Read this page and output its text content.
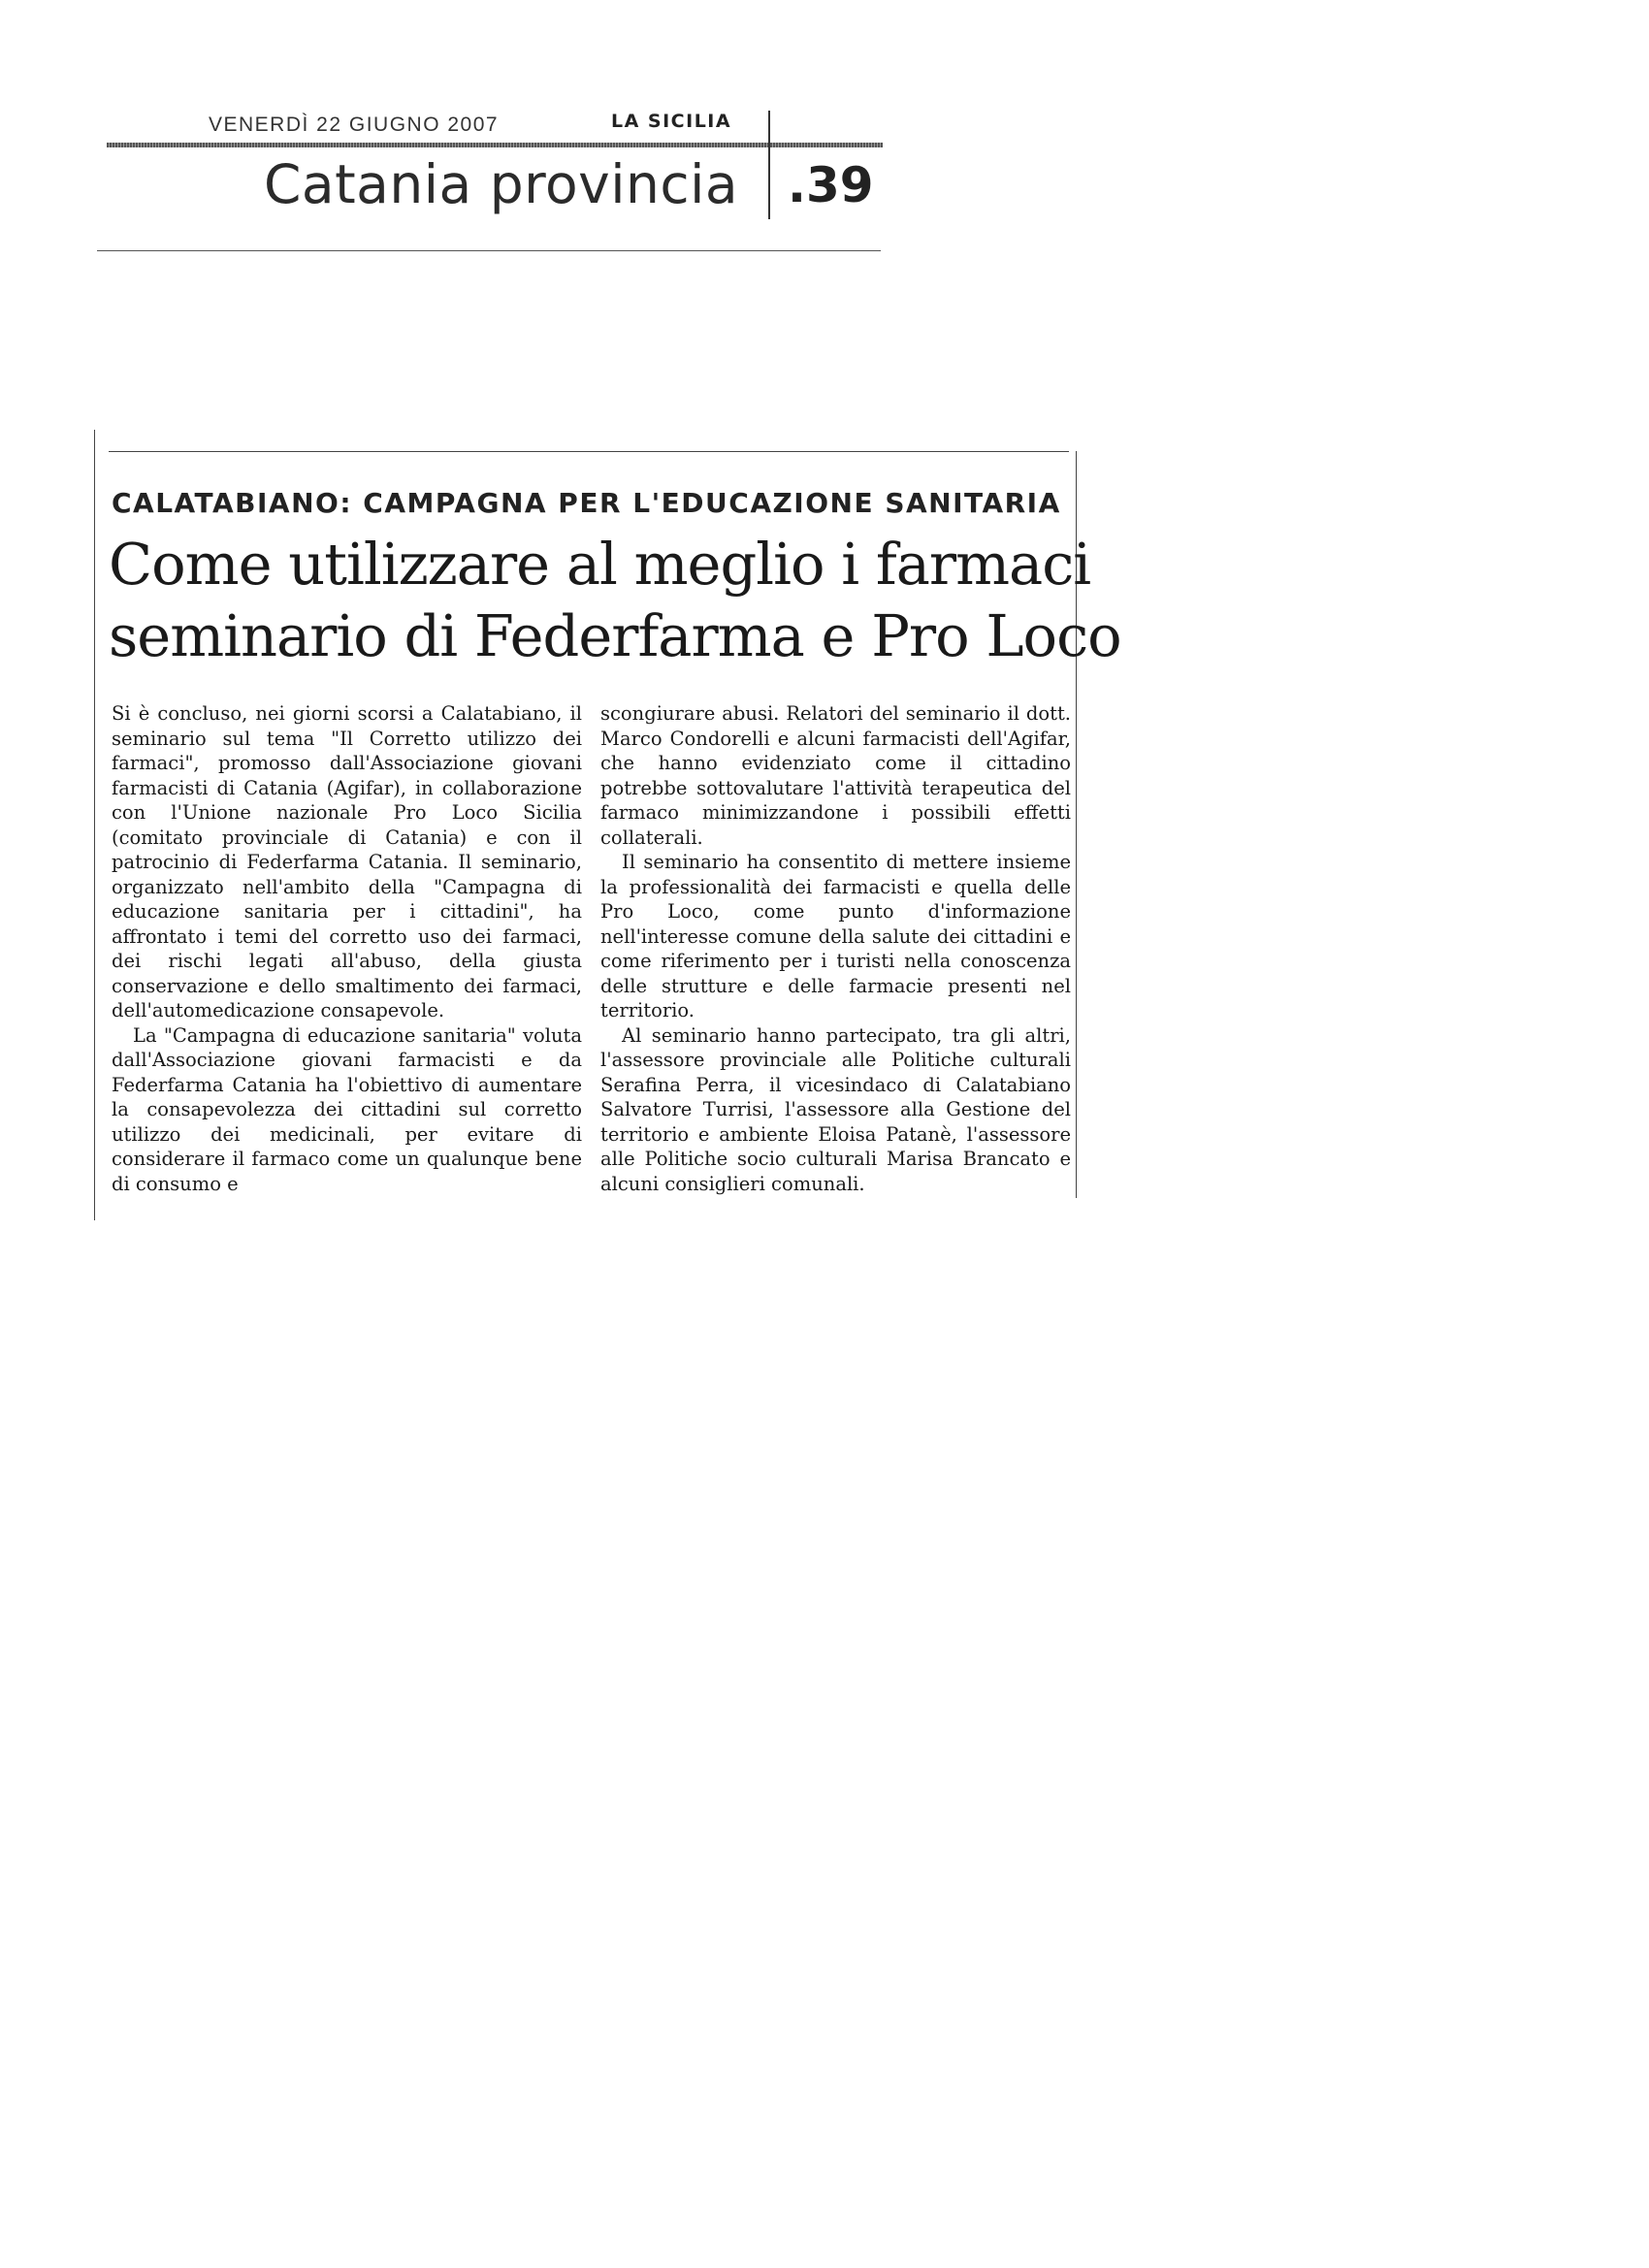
VENERDÌ 22 GIUGNO 2007	LA SICILIA
Catania provincia .39
CALATABIANO: CAMPAGNA PER L'EDUCAZIONE SANITARIA
Come utilizzare al meglio i farmaci
seminario di Federfarma e Pro Loco

Si è concluso, nei giorni scorsi a Calatabiano, il seminario sul tema "Il Corretto utilizzo dei farmaci", promosso dall'Associazione giovani farmacisti di Catania (Agifar), in collaborazione con l'Unione nazionale Pro Loco Sicilia (comitato provinciale di Catania) e con il patrocinio di Federfarma Catania. Il seminario, organizzato nell'ambito della "Campagna di educazione sanitaria per i cittadini", ha affrontato i temi del corretto uso dei farmaci, dei rischi legati all'abuso, della giusta conservazione e dello smaltimento dei farmaci, dell'automedicazione consapevole.

La "Campagna di educazione sanitaria" voluta dall'Associazione giovani farmacisti e da Federfarma Catania ha l'obiettivo di aumentare la consapevolezza dei cittadini sul corretto utilizzo dei medicinali, per evitare di considerare il farmaco come un qualunque bene di consumo e

scongiurare abusi. Relatori del seminario il dott. Marco Condorelli e alcuni farmacisti dell'Agifar, che hanno evidenziato come il cittadino potrebbe sottovalutare l'attività terapeutica del farmaco minimizzandone i possibili effetti collaterali.

Il seminario ha consentito di mettere insieme la professionalità dei farmacisti e quella delle Pro Loco, come punto d'informazione nell'interesse comune della salute dei cittadini e come riferimento per i turisti nella conoscenza delle strutture e delle farmacie presenti nel territorio.

Al seminario hanno partecipato, tra gli altri, l'assessore provinciale alle Politiche culturali Serafina Perra, il vicesindaco di Calatabiano Salvatore Turrisi, l'assessore alla Gestione del territorio e ambiente Eloisa Patanè, l'assessore alle Politiche socio culturali Marisa Brancato e alcuni consiglieri comunali.
